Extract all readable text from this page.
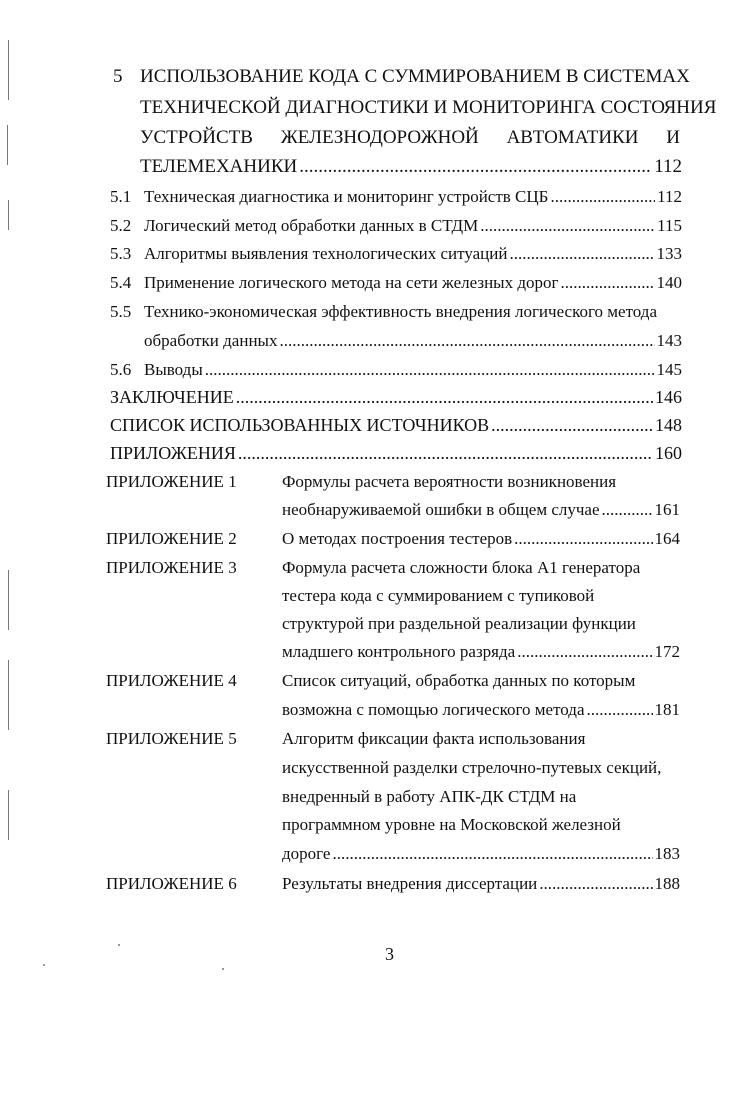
5 ИСПОЛЬЗОВАНИЕ КОДА С СУММИРОВАНИЕМ В СИСТЕМАХ
ТЕХНИЧЕСКОЙ ДИАГНОСТИКИ И МОНИТОРИНГА СОСТОЯНИЯ
УСТРОЙСТВ ЖЕЛЕЗНОДОРОЖНОЙ АВТОМАТИКИ И
ТЕЛЕМЕХАНИКИ .....	112
5.1 Техническая диагностика и мониторинг устройств СЦБ .....	112
5.2 Логический метод обработки данных в СТДМ .....	115
5.3 Алгоритмы выявления технологических ситуаций .....	133
5.4 Применение логического метода на сети железных дорог .....	140
5.5 Технико-экономическая эффективность внедрения логического метода
обработки данных .....	143
5.6 Выводы .....	145
ЗАКЛЮЧЕНИЕ .....	146
СПИСОК ИСПОЛЬЗОВАННЫХ ИСТОЧНИКОВ .....	148
ПРИЛОЖЕНИЯ .....	160
ПРИЛОЖЕНИЕ 1	Формулы расчета вероятности возникновения
необнаруживаемой ошибки в общем случае .....	161
ПРИЛОЖЕНИЕ 2	О методах построения тестеров .....	164
ПРИЛОЖЕНИЕ 3	Формула расчета сложности блока А1 генератора
тестера кода с суммированием с тупиковой
структурой при раздельной реализации функции
младшего контрольного разряда .....	172
ПРИЛОЖЕНИЕ 4	Список ситуаций, обработка данных по которым
возможна с помощью логического метода .....	181
ПРИЛОЖЕНИЕ 5	Алгоритм фиксации факта использования
искусственной разделки стрелочно-путевых секций,
внедренный в работу АПК-ДК СТДМ на
программном уровне на Московской железной
дороге .....	183
ПРИЛОЖЕНИЕ 6	Результаты внедрения диссертации .....	188
3
